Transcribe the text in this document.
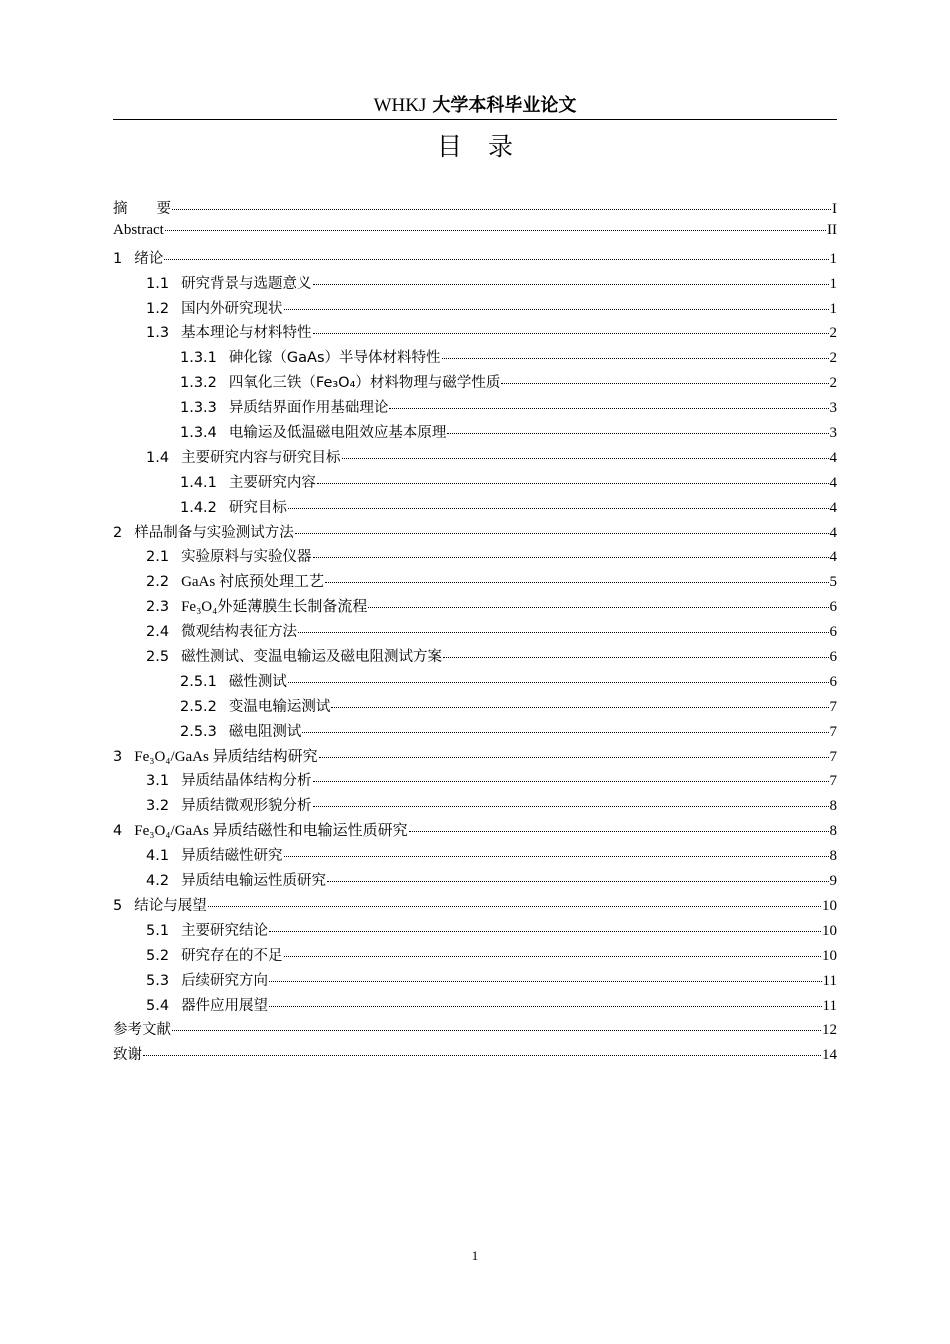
WHKJ 大学本科毕业论文
目录
摘　　要	I
Abstract	II
1 绪论	1
1.1 研究背景与选题意义	1
1.2 国内外研究现状	1
1.3 基本理论与材料特性	2
1.3.1 砷化镓（GaAs）半导体材料特性	2
1.3.2 四氧化三铁（Fe₃O₄）材料物理与磁学性质	2
1.3.3 异质结界面作用基础理论	3
1.3.4 电输运及低温磁电阻效应基本原理	3
1.4 主要研究内容与研究目标	4
1.4.1 主要研究内容	4
1.4.2 研究目标	4
2 样品制备与实验测试方法	4
2.1 实验原料与实验仪器	4
2.2 GaAs 衬底预处理工艺	5
2.3 Fe₃O₄外延薄膜生长制备流程	6
2.4 微观结构表征方法	6
2.5 磁性测试、变温电输运及磁电阻测试方案	6
2.5.1 磁性测试	6
2.5.2 变温电输运测试	7
2.5.3 磁电阻测试	7
3 Fe₃O₄/GaAs 异质结结构研究	7
3.1 异质结晶体结构分析	7
3.2 异质结微观形貌分析	8
4 Fe₃O₄/GaAs 异质结磁性和电输运性质研究	8
4.1 异质结磁性研究	8
4.2 异质结电输运性质研究	9
5 结论与展望	10
5.1 主要研究结论	10
5.2 研究存在的不足	10
5.3 后续研究方向	11
5.4 器件应用展望	11
参考文献	12
致谢	14
1
